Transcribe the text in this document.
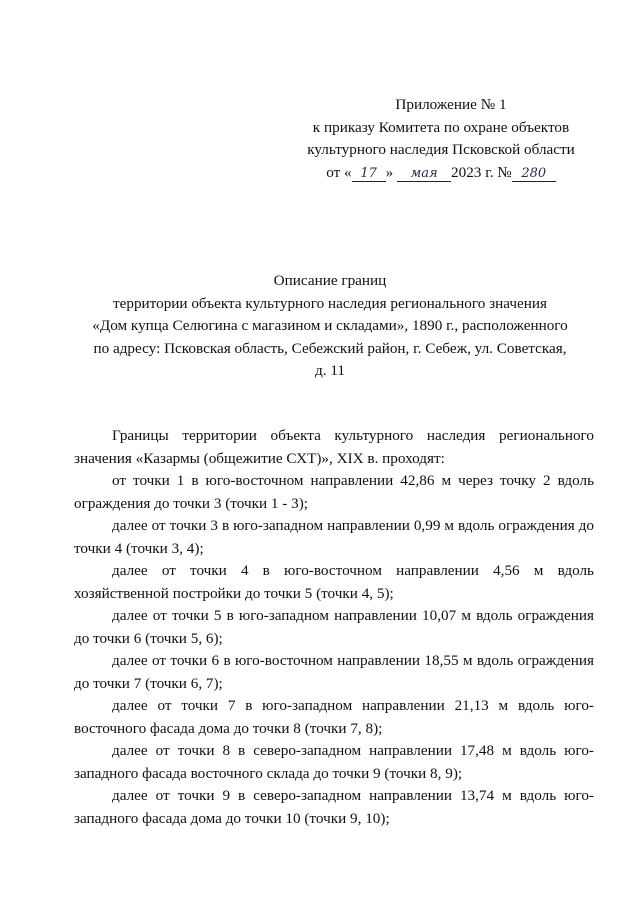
Приложение № 1
к приказу Комитета по охране объектов
культурного наследия Псковской области
от « 17 » мая 2023 г. № 280
Описание границ
территории объекта культурного наследия регионального значения
«Дом купца Селюгина с магазином и складами», 1890 г., расположенного
по адресу: Псковская область, Себежский район, г. Себеж, ул. Советская,
д. 11

Границы территории объекта культурного наследия регионального значения «Казармы (общежитие СХТ)», XIX в. проходят:

от точки 1 в юго-восточном направлении 42,86 м через точку 2 вдоль ограждения до точки 3 (точки 1 - 3);

далее от точки 3 в юго-западном направлении 0,99 м вдоль ограждения до точки 4 (точки 3, 4);

далее от точки 4 в юго-восточном направлении 4,56 м вдоль хозяйственной постройки до точки 5 (точки 4, 5);

далее от точки 5 в юго-западном направлении 10,07 м вдоль ограждения до точки 6 (точки 5, 6);

далее от точки 6 в юго-восточном направлении 18,55 м вдоль ограждения до точки 7 (точки 6, 7);

далее от точки 7 в юго-западном направлении 21,13 м вдоль юго-восточного фасада дома до точки 8 (точки 7, 8);

далее от точки 8 в северо-западном направлении 17,48 м вдоль юго-западного фасада восточного склада до точки 9 (точки 8, 9);

далее от точки 9 в северо-западном направлении 13,74 м вдоль юго-западного фасада дома до точки 10 (точки 9, 10);
